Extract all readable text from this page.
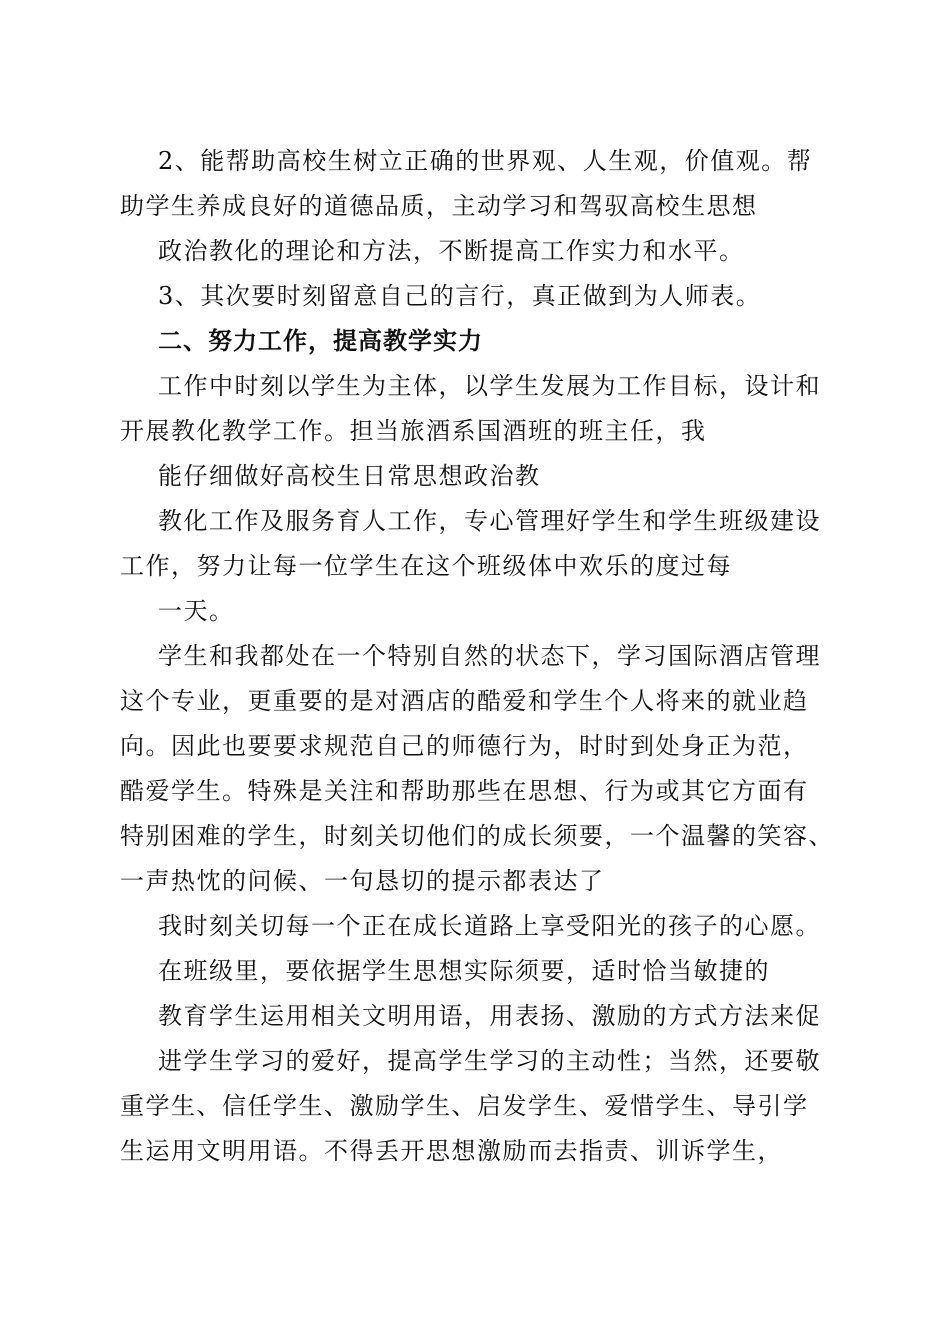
2、能帮助高校生树立正确的世界观、人生观，价值观。帮
助学生养成良好的道德品质，主动学习和驾驭高校生思想
政治教化的理论和方法，不断提高工作实力和水平。
3、其次要时刻留意自己的言行，真正做到为人师表。
二、努力工作，提高教学实力
工作中时刻以学生为主体，以学生发展为工作目标，设计和
开展教化教学工作。担当旅酒系国酒班的班主任，我
能仔细做好高校生日常思想政治教
教化工作及服务育人工作，专心管理好学生和学生班级建设
工作，努力让每一位学生在这个班级体中欢乐的度过每
一天。
学生和我都处在一个特别自然的状态下，学习国际酒店管理
这个专业，更重要的是对酒店的酷爱和学生个人将来的就业趋
向。因此也要要求规范自己的师德行为，时时到处身正为范，
酷爱学生。特殊是关注和帮助那些在思想、行为或其它方面有
特别困难的学生，时刻关切他们的成长须要，一个温馨的笑容、
一声热忱的问候、一句恳切的提示都表达了
我时刻关切每一个正在成长道路上享受阳光的孩子的心愿。
在班级里，要依据学生思想实际须要，适时恰当敏捷的
教育学生运用相关文明用语，用表扬、激励的方式方法来促
进学生学习的爱好，提高学生学习的主动性；当然，还要敬
重学生、信任学生、激励学生、启发学生、爱惜学生、导引学
生运用文明用语。不得丢开思想激励而去指责、训诉学生，
